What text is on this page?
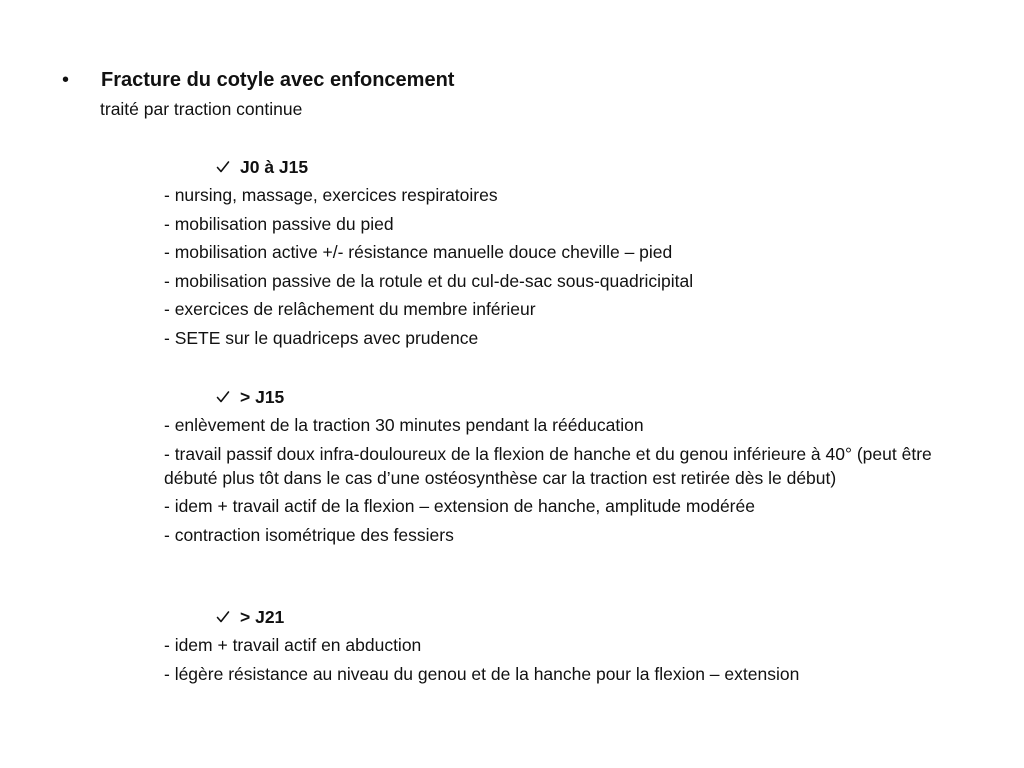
• Fracture du cotyle avec enfoncement
traité par traction continue
J0 à J15
- nursing, massage, exercices respiratoires
- mobilisation passive du pied
- mobilisation active +/- résistance manuelle douce cheville – pied
- mobilisation passive de la rotule et du cul-de-sac sous-quadricipital
- exercices de relâchement du membre inférieur
- SETE sur le quadriceps avec prudence
> J15
- enlèvement de la traction 30 minutes pendant la rééducation
- travail passif doux infra-douloureux de la flexion de hanche et du genou inférieure à 40° (peut être débuté plus tôt dans le cas d’une ostéosynthèse car la traction est retirée dès le début)
- idem + travail actif de la flexion – extension de hanche, amplitude modérée
- contraction isométrique des fessiers
> J21
- idem + travail actif en abduction
- légère résistance au niveau du genou et de la hanche pour la flexion – extension
